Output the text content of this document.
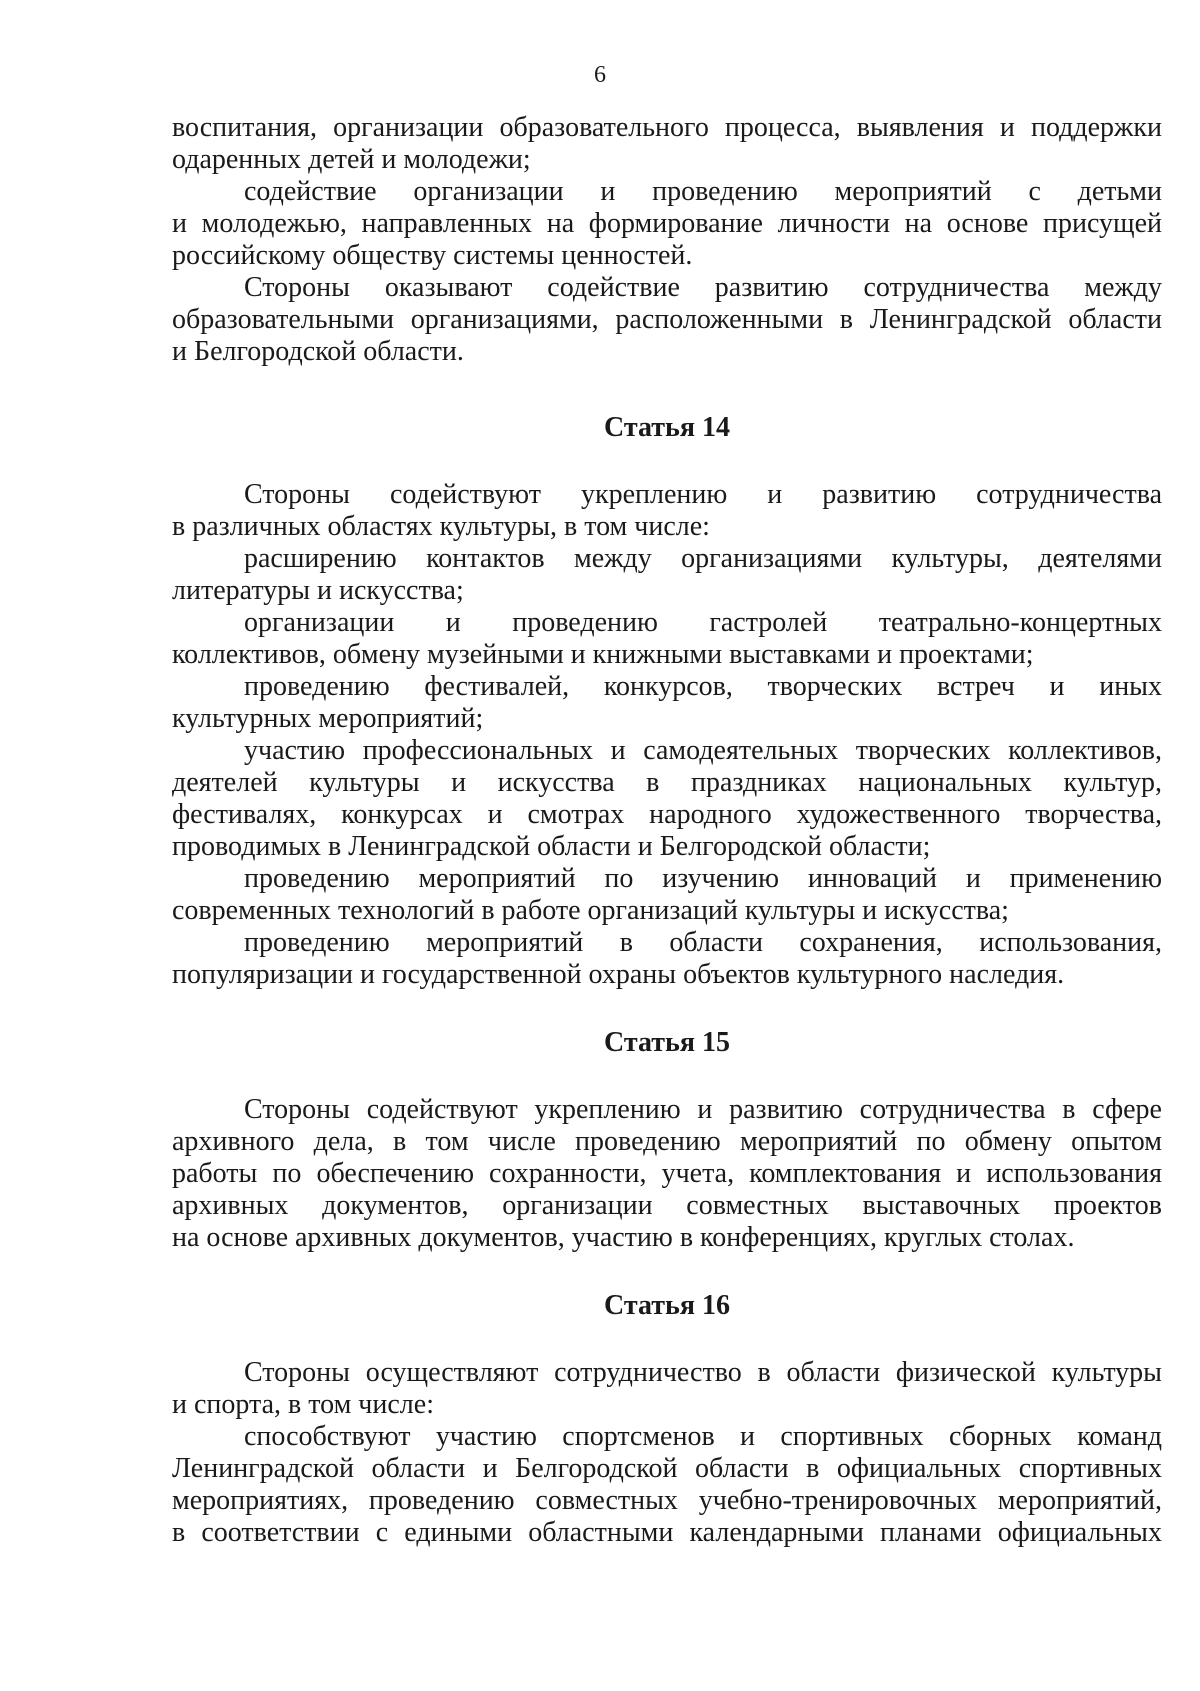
6
воспитания, организации образовательного процесса, выявления и поддержки
одаренных детей и молодежи;
содействие организации и проведению мероприятий с детьми
и молодежью, направленных на формирование личности на основе присущей
российскому обществу системы ценностей.
Стороны оказывают содействие развитию сотрудничества между
образовательными организациями, расположенными в Ленинградской области
и Белгородской области.
Статья 14
Стороны содействуют укреплению и развитию сотрудничества
в различных областях культуры, в том числе:
расширению контактов между организациями культуры, деятелями
литературы и искусства;
организации и проведению гастролей театрально-концертных
коллективов, обмену музейными и книжными выставками и проектами;
проведению фестивалей, конкурсов, творческих встреч и иных
культурных мероприятий;
участию профессиональных и самодеятельных творческих коллективов,
деятелей культуры и искусства в праздниках национальных культур,
фестивалях, конкурсах и смотрах народного художественного творчества,
проводимых в Ленинградской области и Белгородской области;
проведению мероприятий по изучению инноваций и применению
современных технологий в работе организаций культуры и искусства;
проведению мероприятий в области сохранения, использования,
популяризации и государственной охраны объектов культурного наследия.
Статья 15
Стороны содействуют укреплению и развитию сотрудничества в сфере
архивного дела, в том числе проведению мероприятий по обмену опытом
работы по обеспечению сохранности, учета, комплектования и использования
архивных документов, организации совместных выставочных проектов
на основе архивных документов, участию в конференциях, круглых столах.
Статья 16
Стороны осуществляют сотрудничество в области физической культуры
и спорта, в том числе:
способствуют участию спортсменов и спортивных сборных команд
Ленинградской области и Белгородской области в официальных спортивных
мероприятиях, проведению совместных учебно-тренировочных мероприятий,
в соответствии с едиными областными календарными планами официальных
